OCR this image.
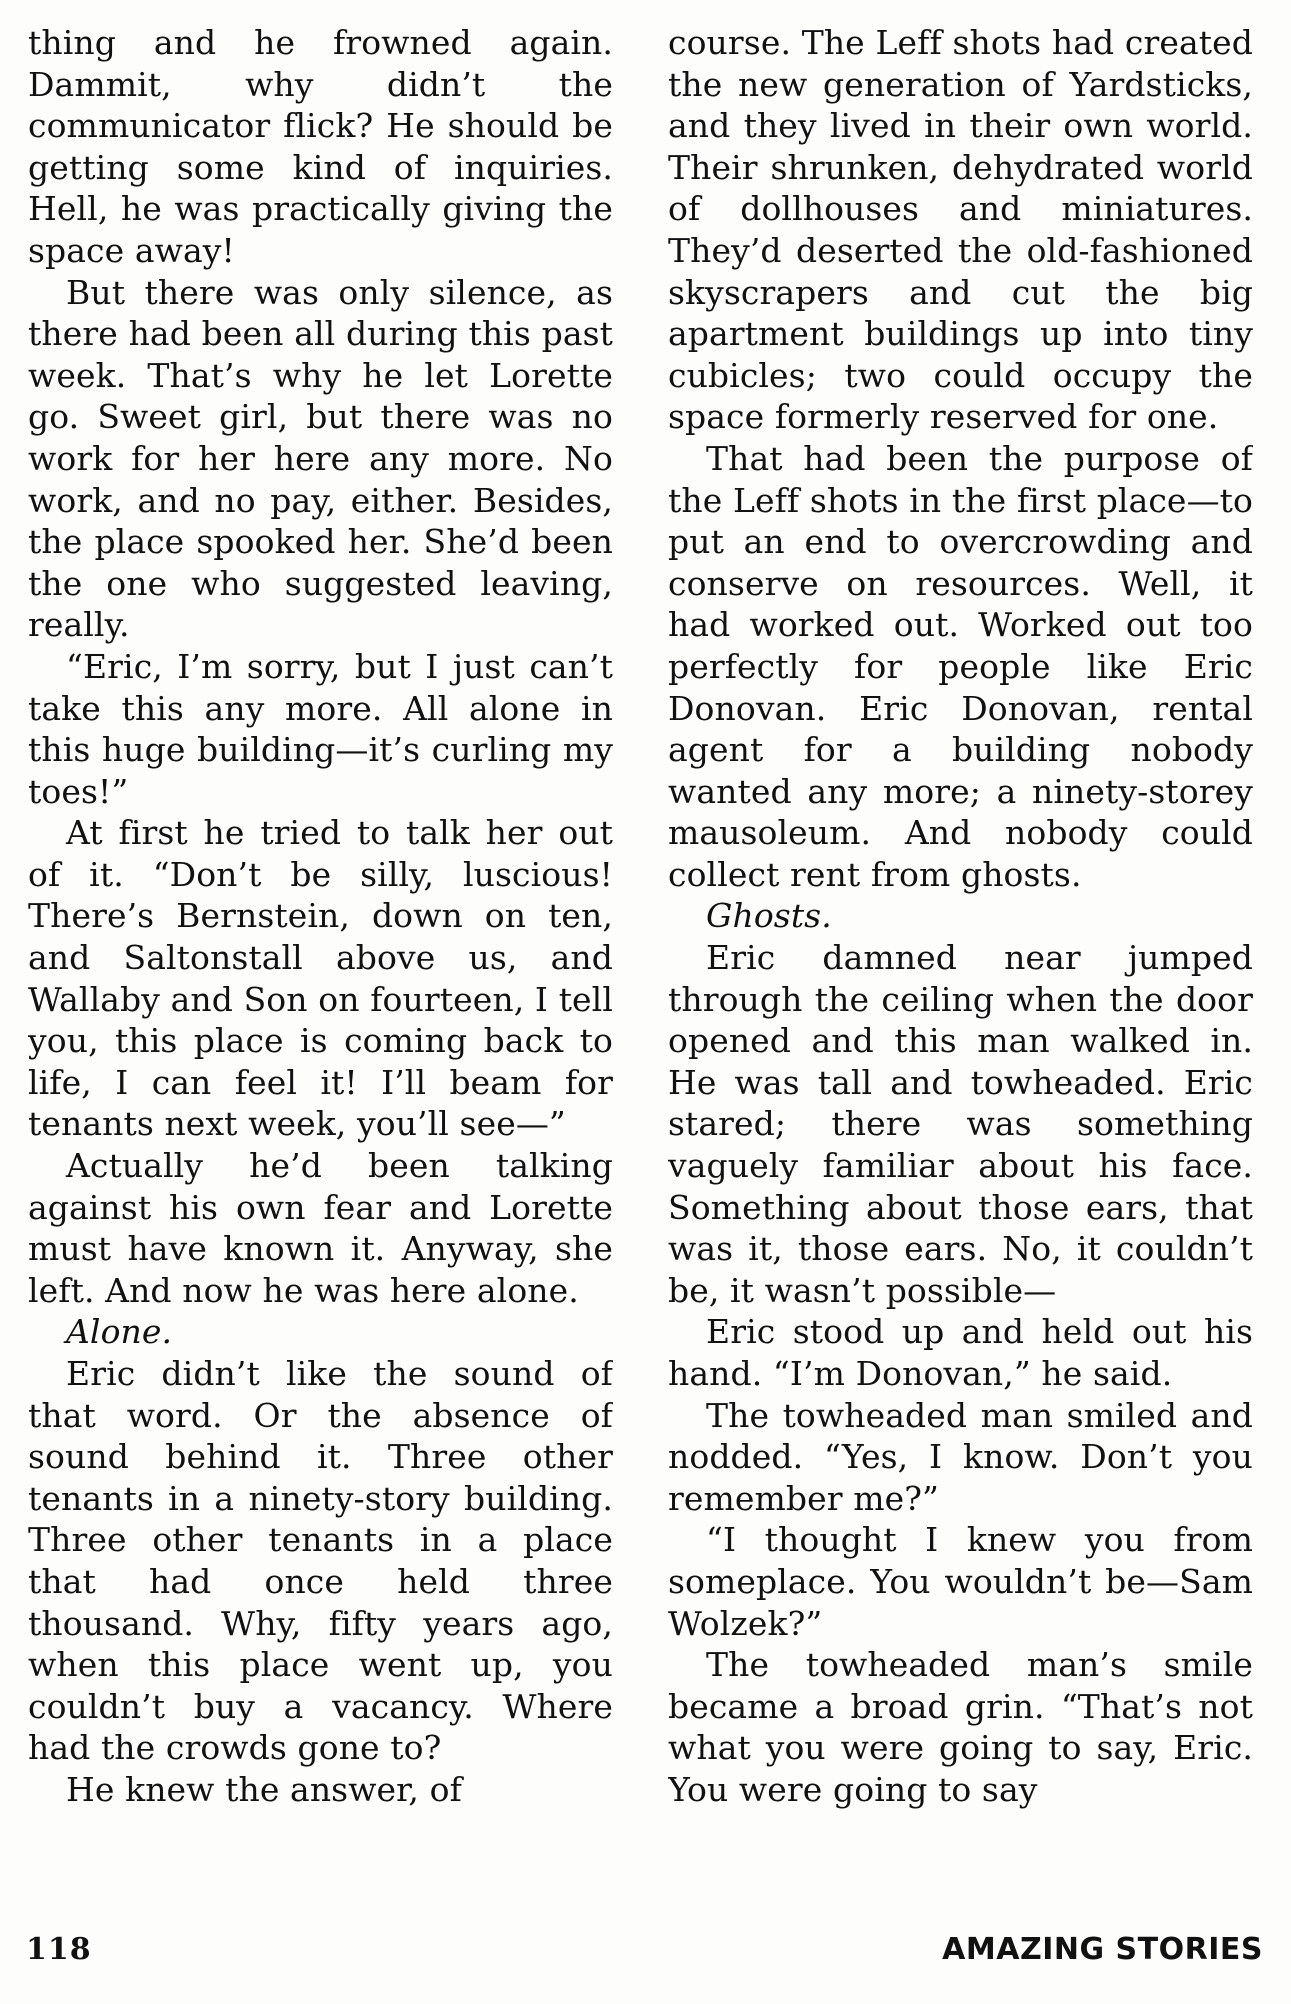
thing and he frowned again. Dammit, why didn’t the communicator flick? He should be getting some kind of inquiries. Hell, he was practically giving the space away!

But there was only silence, as there had been all during this past week. That’s why he let Lorette go. Sweet girl, but there was no work for her here any more. No work, and no pay, either. Besides, the place spooked her. She’d been the one who suggested leaving, really.

“Eric, I’m sorry, but I just can’t take this any more. All alone in this huge building—it’s curling my toes!”

At first he tried to talk her out of it. “Don’t be silly, luscious! There’s Bernstein, down on ten, and Saltonstall above us, and Wallaby and Son on fourteen, I tell you, this place is coming back to life, I can feel it! I’ll beam for tenants next week, you’ll see—”

Actually he’d been talking against his own fear and Lorette must have known it. Anyway, she left. And now he was here alone.

Alone.

Eric didn’t like the sound of that word. Or the absence of sound behind it. Three other tenants in a ninety-story building. Three other tenants in a place that had once held three thousand. Why, fifty years ago, when this place went up, you couldn’t buy a vacancy. Where had the crowds gone to?

He knew the answer, of

course. The Leff shots had created the new generation of Yardsticks, and they lived in their own world. Their shrunken, dehydrated world of dollhouses and miniatures. They’d deserted the old-fashioned skyscrapers and cut the big apartment buildings up into tiny cubicles; two could occupy the space formerly reserved for one.

That had been the purpose of the Leff shots in the first place—to put an end to overcrowding and conserve on resources. Well, it had worked out. Worked out too perfectly for people like Eric Donovan. Eric Donovan, rental agent for a building nobody wanted any more; a ninety-storey mausoleum. And nobody could collect rent from ghosts.

Ghosts.

Eric damned near jumped through the ceiling when the door opened and this man walked in. He was tall and towheaded. Eric stared; there was something vaguely familiar about his face. Something about those ears, that was it, those ears. No, it couldn’t be, it wasn’t possible—

Eric stood up and held out his hand. “I’m Donovan,” he said.

The towheaded man smiled and nodded. “Yes, I know. Don’t you remember me?”

“I thought I knew you from someplace. You wouldn’t be—Sam Wolzek?”

The towheaded man’s smile became a broad grin. “That’s not what you were going to say, Eric. You were going to say

118	AMAZING STORIES
